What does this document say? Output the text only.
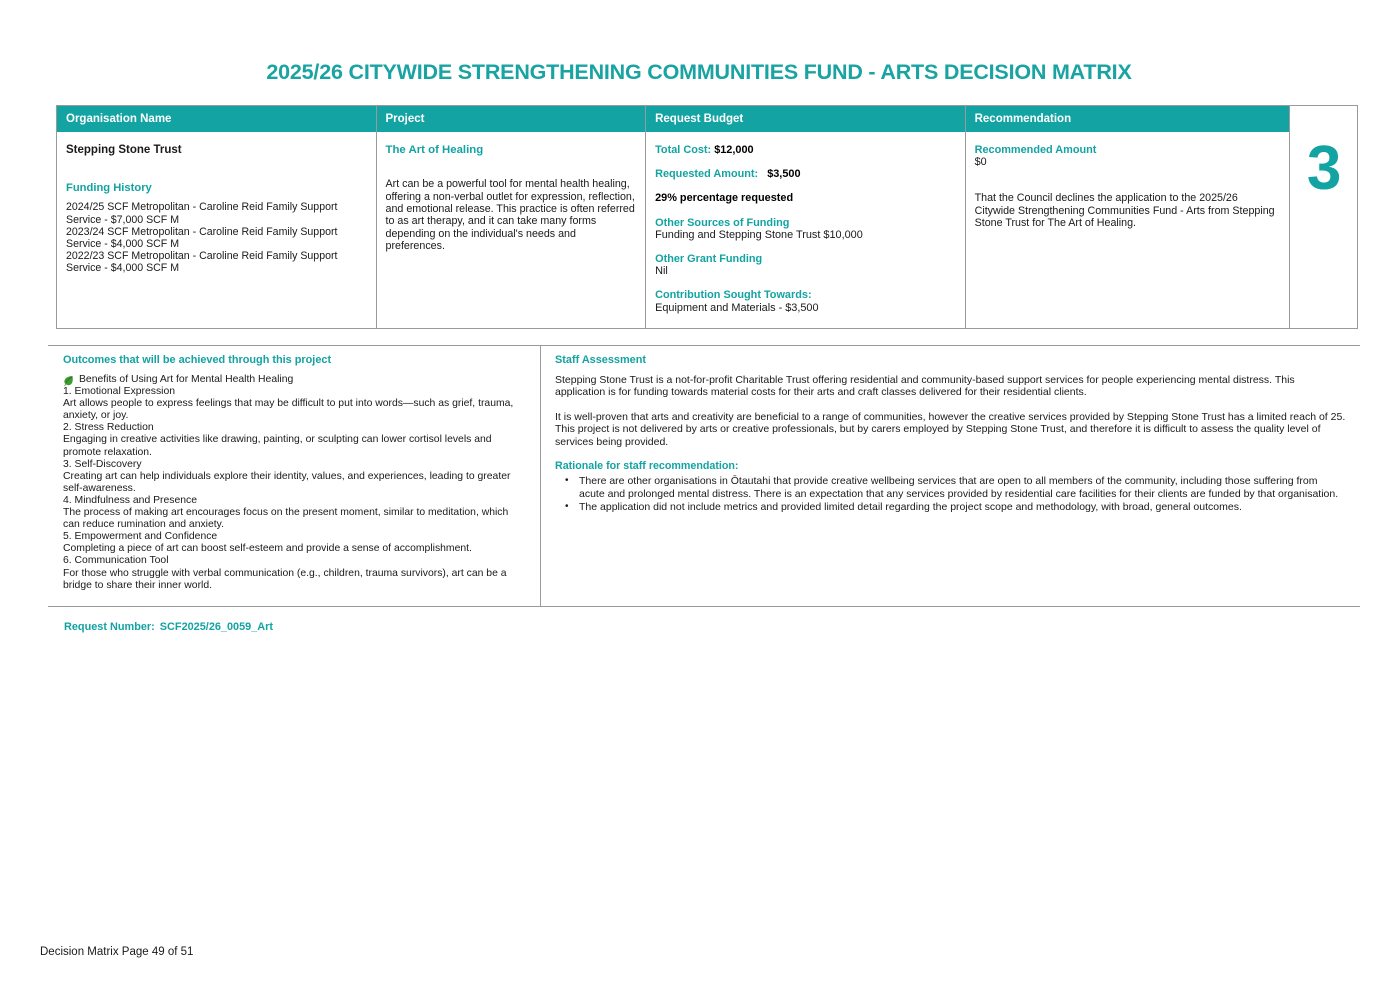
2025/26 CITYWIDE STRENGTHENING COMMUNITIES FUND - ARTS DECISION MATRIX
Organisation Name
Stepping Stone Trust
Funding History
2024/25 SCF Metropolitan - Caroline Reid Family Support Service - $7,000 SCF M
2023/24 SCF Metropolitan - Caroline Reid Family Support Service - $4,000 SCF M
2022/23 SCF Metropolitan - Caroline Reid Family Support Service - $4,000 SCF M
Project
The Art of Healing
Art can be a powerful tool for mental health healing, offering a non-verbal outlet for expression, reflection, and emotional release. This practice is often referred to as art therapy, and it can take many forms depending on the individual's needs and preferences.
Request Budget
Total Cost: $12,000
Requested Amount: $3,500
29% percentage requested
Other Sources of Funding
Funding and Stepping Stone Trust $10,000
Other Grant Funding
Nil
Contribution Sought Towards:
Equipment and Materials - $3,500
Recommendation
Recommended Amount
$0
That the Council declines the application to the 2025/26 Citywide Strengthening Communities Fund - Arts from Stepping Stone Trust for The Art of Healing.
3
Outcomes that will be achieved through this project
Benefits of Using Art for Mental Health Healing
1. Emotional Expression
Art allows people to express feelings that may be difficult to put into words—such as grief, trauma, anxiety, or joy.
2. Stress Reduction
Engaging in creative activities like drawing, painting, or sculpting can lower cortisol levels and promote relaxation.
3. Self-Discovery
Creating art can help individuals explore their identity, values, and experiences, leading to greater self-awareness.
4. Mindfulness and Presence
The process of making art encourages focus on the present moment, similar to meditation, which can reduce rumination and anxiety.
5. Empowerment and Confidence
Completing a piece of art can boost self-esteem and provide a sense of accomplishment.
6. Communication Tool
For those who struggle with verbal communication (e.g., children, trauma survivors), art can be a bridge to share their inner world.
Staff Assessment
Stepping Stone Trust is a not-for-profit Charitable Trust offering residential and community-based support services for people experiencing mental distress. This application is for funding towards material costs for their arts and craft classes delivered for their residential clients.
It is well-proven that arts and creativity are beneficial to a range of communities, however the creative services provided by Stepping Stone Trust has a limited reach of 25. This project is not delivered by arts or creative professionals, but by carers employed by Stepping Stone Trust, and therefore it is difficult to assess the quality level of services being provided.
Rationale for staff recommendation:
• There are other organisations in Ōtautahi that provide creative wellbeing services that are open to all members of the community, including those suffering from acute and prolonged mental distress. There is an expectation that any services provided by residential care facilities for their clients are funded by that organisation.
• The application did not include metrics and provided limited detail regarding the project scope and methodology, with broad, general outcomes.
Request Number: SCF2025/26_0059_Art
Decision Matrix Page 49 of 51
